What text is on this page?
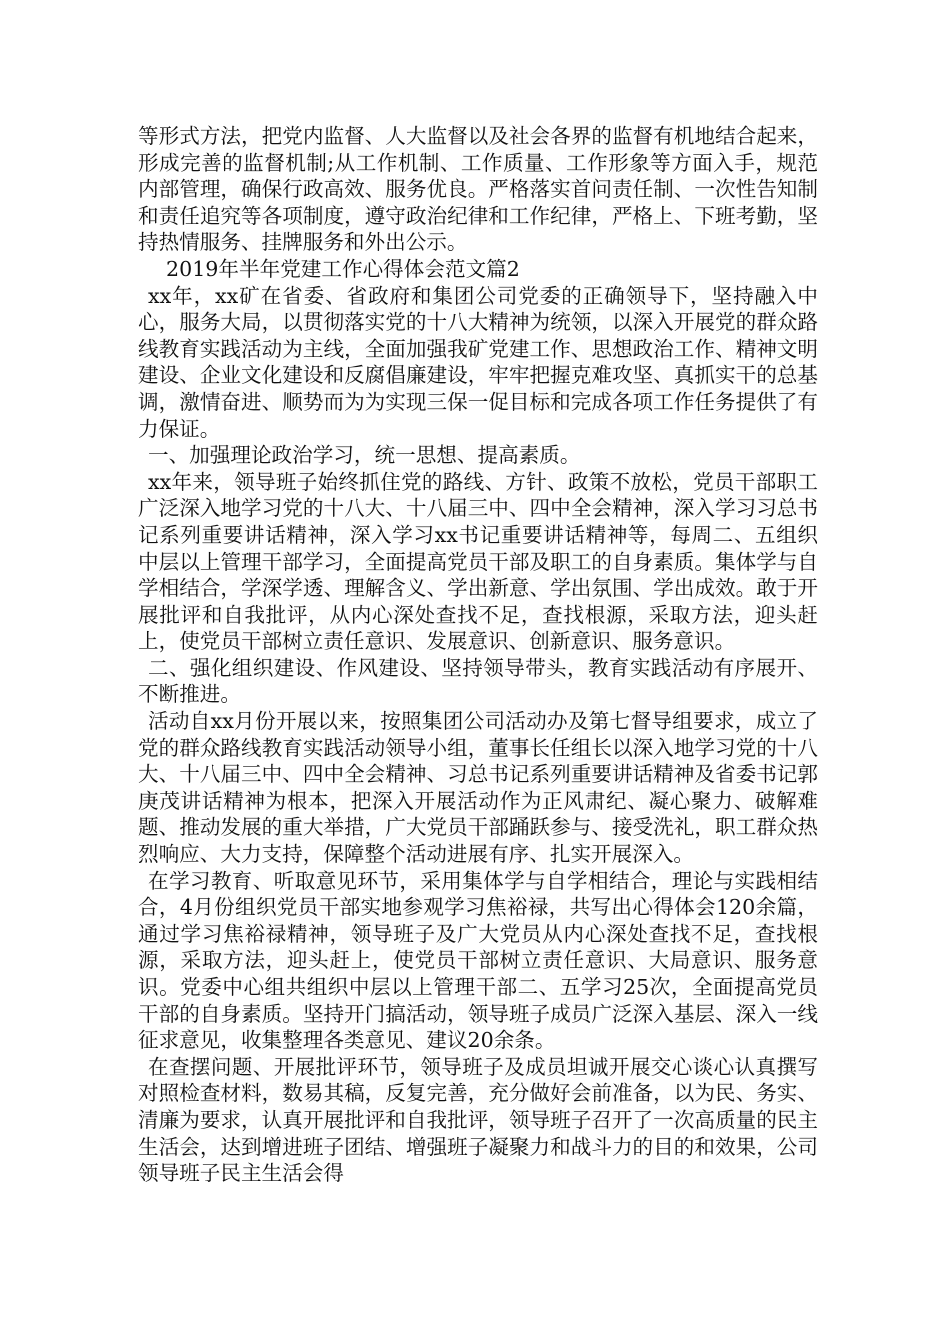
等形式方法，把党内监督、人大监督以及社会各界的监督有机地结合起来，形成完善的监督机制;从工作机制、工作质量、工作形象等方面入手，规范内部管理，确保行政高效、服务优良。严格落实首问责任制、一次性告知制和责任追究等各项制度，遵守政治纪律和工作纪律，严格上、下班考勤，坚持热情服务、挂牌服务和外出公示。

2019年半年党建工作心得体会范文篇2

xx年，xx矿在省委、省政府和集团公司党委的正确领导下，坚持融入中心，服务大局，以贯彻落实党的十八大精神为统领，以深入开展党的群众路线教育实践活动为主线，全面加强我矿党建工作、思想政治工作、精神文明建设、企业文化建设和反腐倡廉建设，牢牢把握克难攻坚、真抓实干的总基调，激情奋进、顺势而为为实现三保一促目标和完成各项工作任务提供了有力保证。

一、加强理论政治学习，统一思想、提高素质。

xx年来，领导班子始终抓住党的路线、方针、政策不放松，党员干部职工广泛深入地学习党的十八大、十八届三中、四中全会精神，深入学习习总书记系列重要讲话精神，深入学习xx书记重要讲话精神等，每周二、五组织中层以上管理干部学习，全面提高党员干部及职工的自身素质。集体学与自学相结合，学深学透、理解含义、学出新意、学出氛围、学出成效。敢于开展批评和自我批评，从内心深处查找不足，查找根源，采取方法，迎头赶上，使党员干部树立责任意识、发展意识、创新意识、服务意识。

二、强化组织建设、作风建设、坚持领导带头，教育实践活动有序展开、不断推进。

活动自xx月份开展以来，按照集团公司活动办及第七督导组要求，成立了党的群众路线教育实践活动领导小组，董事长任组长以深入地学习党的十八大、十八届三中、四中全会精神、习总书记系列重要讲话精神及省委书记郭庚茂讲话精神为根本，把深入开展活动作为正风肃纪、凝心聚力、破解难题、推动发展的重大举措，广大党员干部踊跃参与、接受洗礼，职工群众热烈响应、大力支持，保障整个活动进展有序、扎实开展深入。

在学习教育、听取意见环节，采用集体学与自学相结合，理论与实践相结合，4月份组织党员干部实地参观学习焦裕禄，共写出心得体会120余篇，通过学习焦裕禄精神，领导班子及广大党员从内心深处查找不足，查找根源，采取方法，迎头赶上，使党员干部树立责任意识、大局意识、服务意识。党委中心组共组织中层以上管理干部二、五学习25次，全面提高党员干部的自身素质。坚持开门搞活动，领导班子成员广泛深入基层、深入一线征求意见，收集整理各类意见、建议20余条。

在查摆问题、开展批评环节，领导班子及成员坦诚开展交心谈心认真撰写对照检查材料，数易其稿，反复完善，充分做好会前准备，以为民、务实、清廉为要求，认真开展批评和自我批评，领导班子召开了一次高质量的民主生活会，达到增进班子团结、增强班子凝聚力和战斗力的目的和效果，公司领导班子民主生活会得
